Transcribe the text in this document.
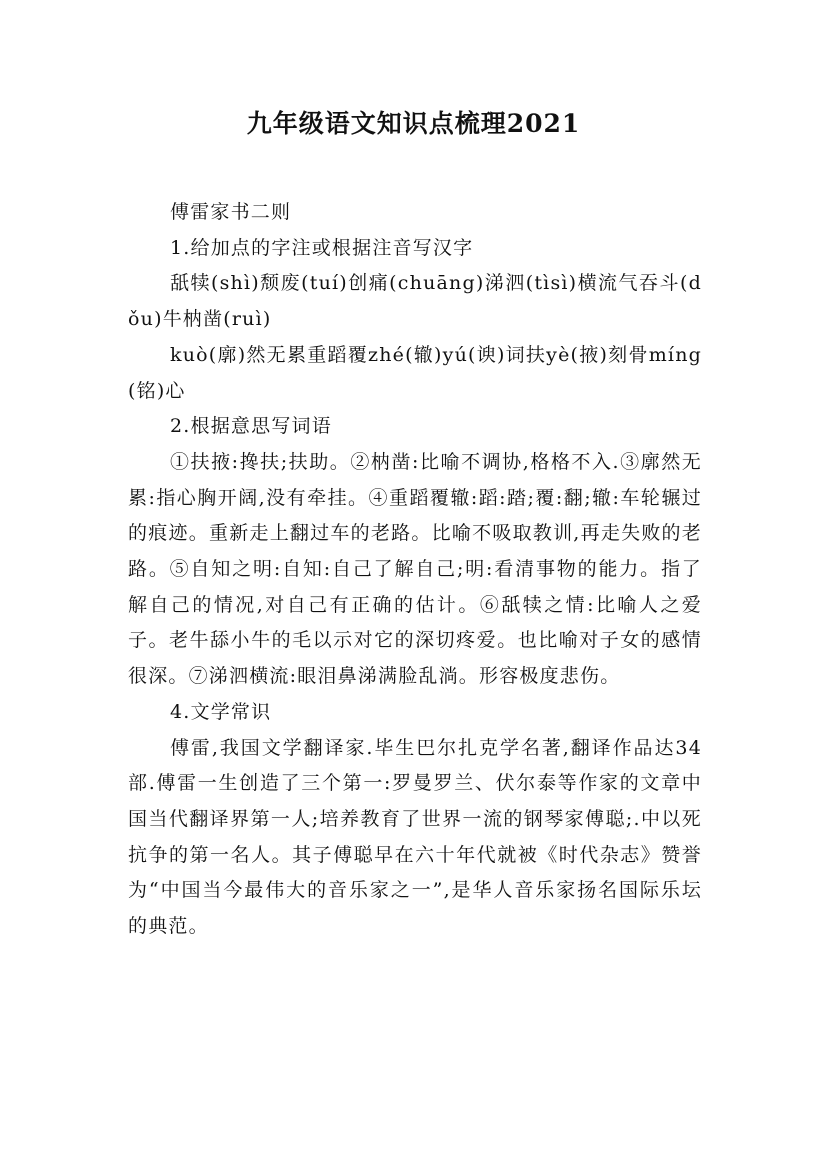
九年级语文知识点梳理2021

傅雷家书二则

1.给加点的字注或根据注音写汉字

舐犊(shì)颓废(tuí)创痛(chuāng)涕泗(tìsì)横流气吞斗(dǒu)牛枘凿(ruì)

kuò(廓)然无累重蹈覆zhé(辙)yú(谀)词扶yè(掖)刻骨míng(铭)心

2.根据意思写词语

①扶掖:搀扶;扶助。②枘凿:比喻不调协,格格不入.③廓然无累:指心胸开阔,没有牵挂。④重蹈覆辙:蹈:踏;覆:翻;辙:车轮辗过的痕迹。重新走上翻过车的老路。比喻不吸取教训,再走失败的老路。⑤自知之明:自知:自己了解自己;明:看清事物的能力。指了解自己的情况,对自己有正确的估计。⑥舐犊之情:比喻人之爱子。老牛舔小牛的毛以示对它的深切疼爱。也比喻对子女的感情很深。⑦涕泗横流:眼泪鼻涕满脸乱淌。形容极度悲伤。

4.文学常识

傅雷,我国文学翻译家.毕生巴尔扎克学名著,翻译作品达34部.傅雷一生创造了三个第一:罗曼罗兰、伏尔泰等作家的文章中国当代翻译界第一人;培养教育了世界一流的钢琴家傅聪;.中以死抗争的第一名人。其子傅聪早在六十年代就被《时代杂志》赞誉为“中国当今最伟大的音乐家之一”,是华人音乐家扬名国际乐坛的典范。
